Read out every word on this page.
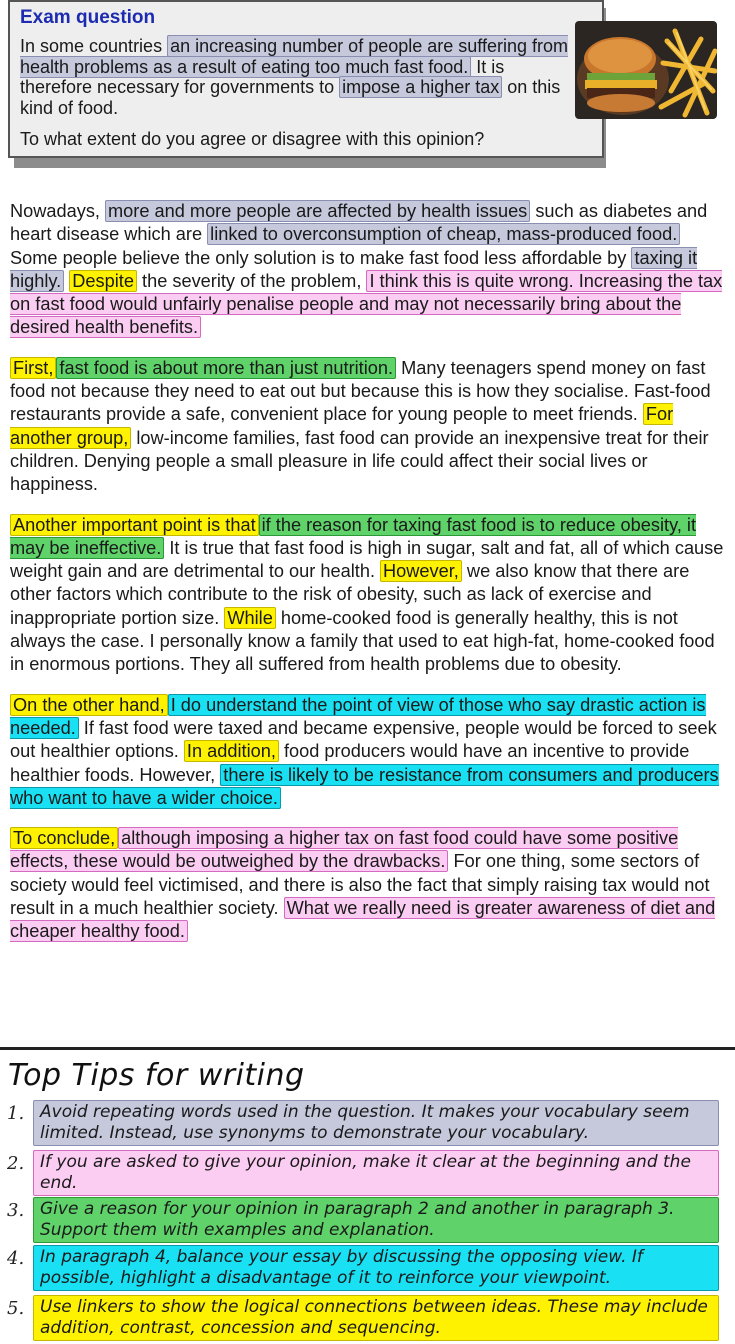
Exam question
In some countries an increasing number of people are suffering from health problems as a result of eating too much fast food. It is therefore necessary for governments to impose a higher tax on this kind of food.
To what extent do you agree or disagree with this opinion?

Nowadays, more and more people are affected by health issues such as diabetes and heart disease which are linked to overconsumption of cheap, mass-produced food. Some people believe the only solution is to make fast food less affordable by taxing it highly. Despite the severity of the problem, I think this is quite wrong. Increasing the tax on fast food would unfairly penalise people and may not necessarily bring about the desired health benefits.

First, fast food is about more than just nutrition. Many teenagers spend money on fast food not because they need to eat out but because this is how they socialise. Fast-food restaurants provide a safe, convenient place for young people to meet friends. For another group, low-income families, fast food can provide an inexpensive treat for their children. Denying people a small pleasure in life could affect their social lives or happiness.

Another important point is that if the reason for taxing fast food is to reduce obesity, it may be ineffective. It is true that fast food is high in sugar, salt and fat, all of which cause weight gain and are detrimental to our health. However, we also know that there are other factors which contribute to the risk of obesity, such as lack of exercise and inappropriate portion size. While home-cooked food is generally healthy, this is not always the case. I personally know a family that used to eat high-fat, home-cooked food in enormous portions. They all suffered from health problems due to obesity.

On the other hand, I do understand the point of view of those who say drastic action is needed. If fast food were taxed and became expensive, people would be forced to seek out healthier options. In addition, food producers would have an incentive to provide healthier foods. However, there is likely to be resistance from consumers and producers who want to have a wider choice.

To conclude, although imposing a higher tax on fast food could have some positive effects, these would be outweighed by the drawbacks. For one thing, some sectors of society would feel victimised, and there is also the fact that simply raising tax would not result in a much healthier society. What we really need is greater awareness of diet and cheaper healthy food.

Top Tips for writing
1. Avoid repeating words used in the question. It makes your vocabulary seem limited. Instead, use synonyms to demonstrate your vocabulary.
2. If you are asked to give your opinion, make it clear at the beginning and the end.
3. Give a reason for your opinion in paragraph 2 and another in paragraph 3. Support them with examples and explanation.
4. In paragraph 4, balance your essay by discussing the opposing view. If possible, highlight a disadvantage of it to reinforce your viewpoint.
5. Use linkers to show the logical connections between ideas. These may include addition, contrast, concession and sequencing.
